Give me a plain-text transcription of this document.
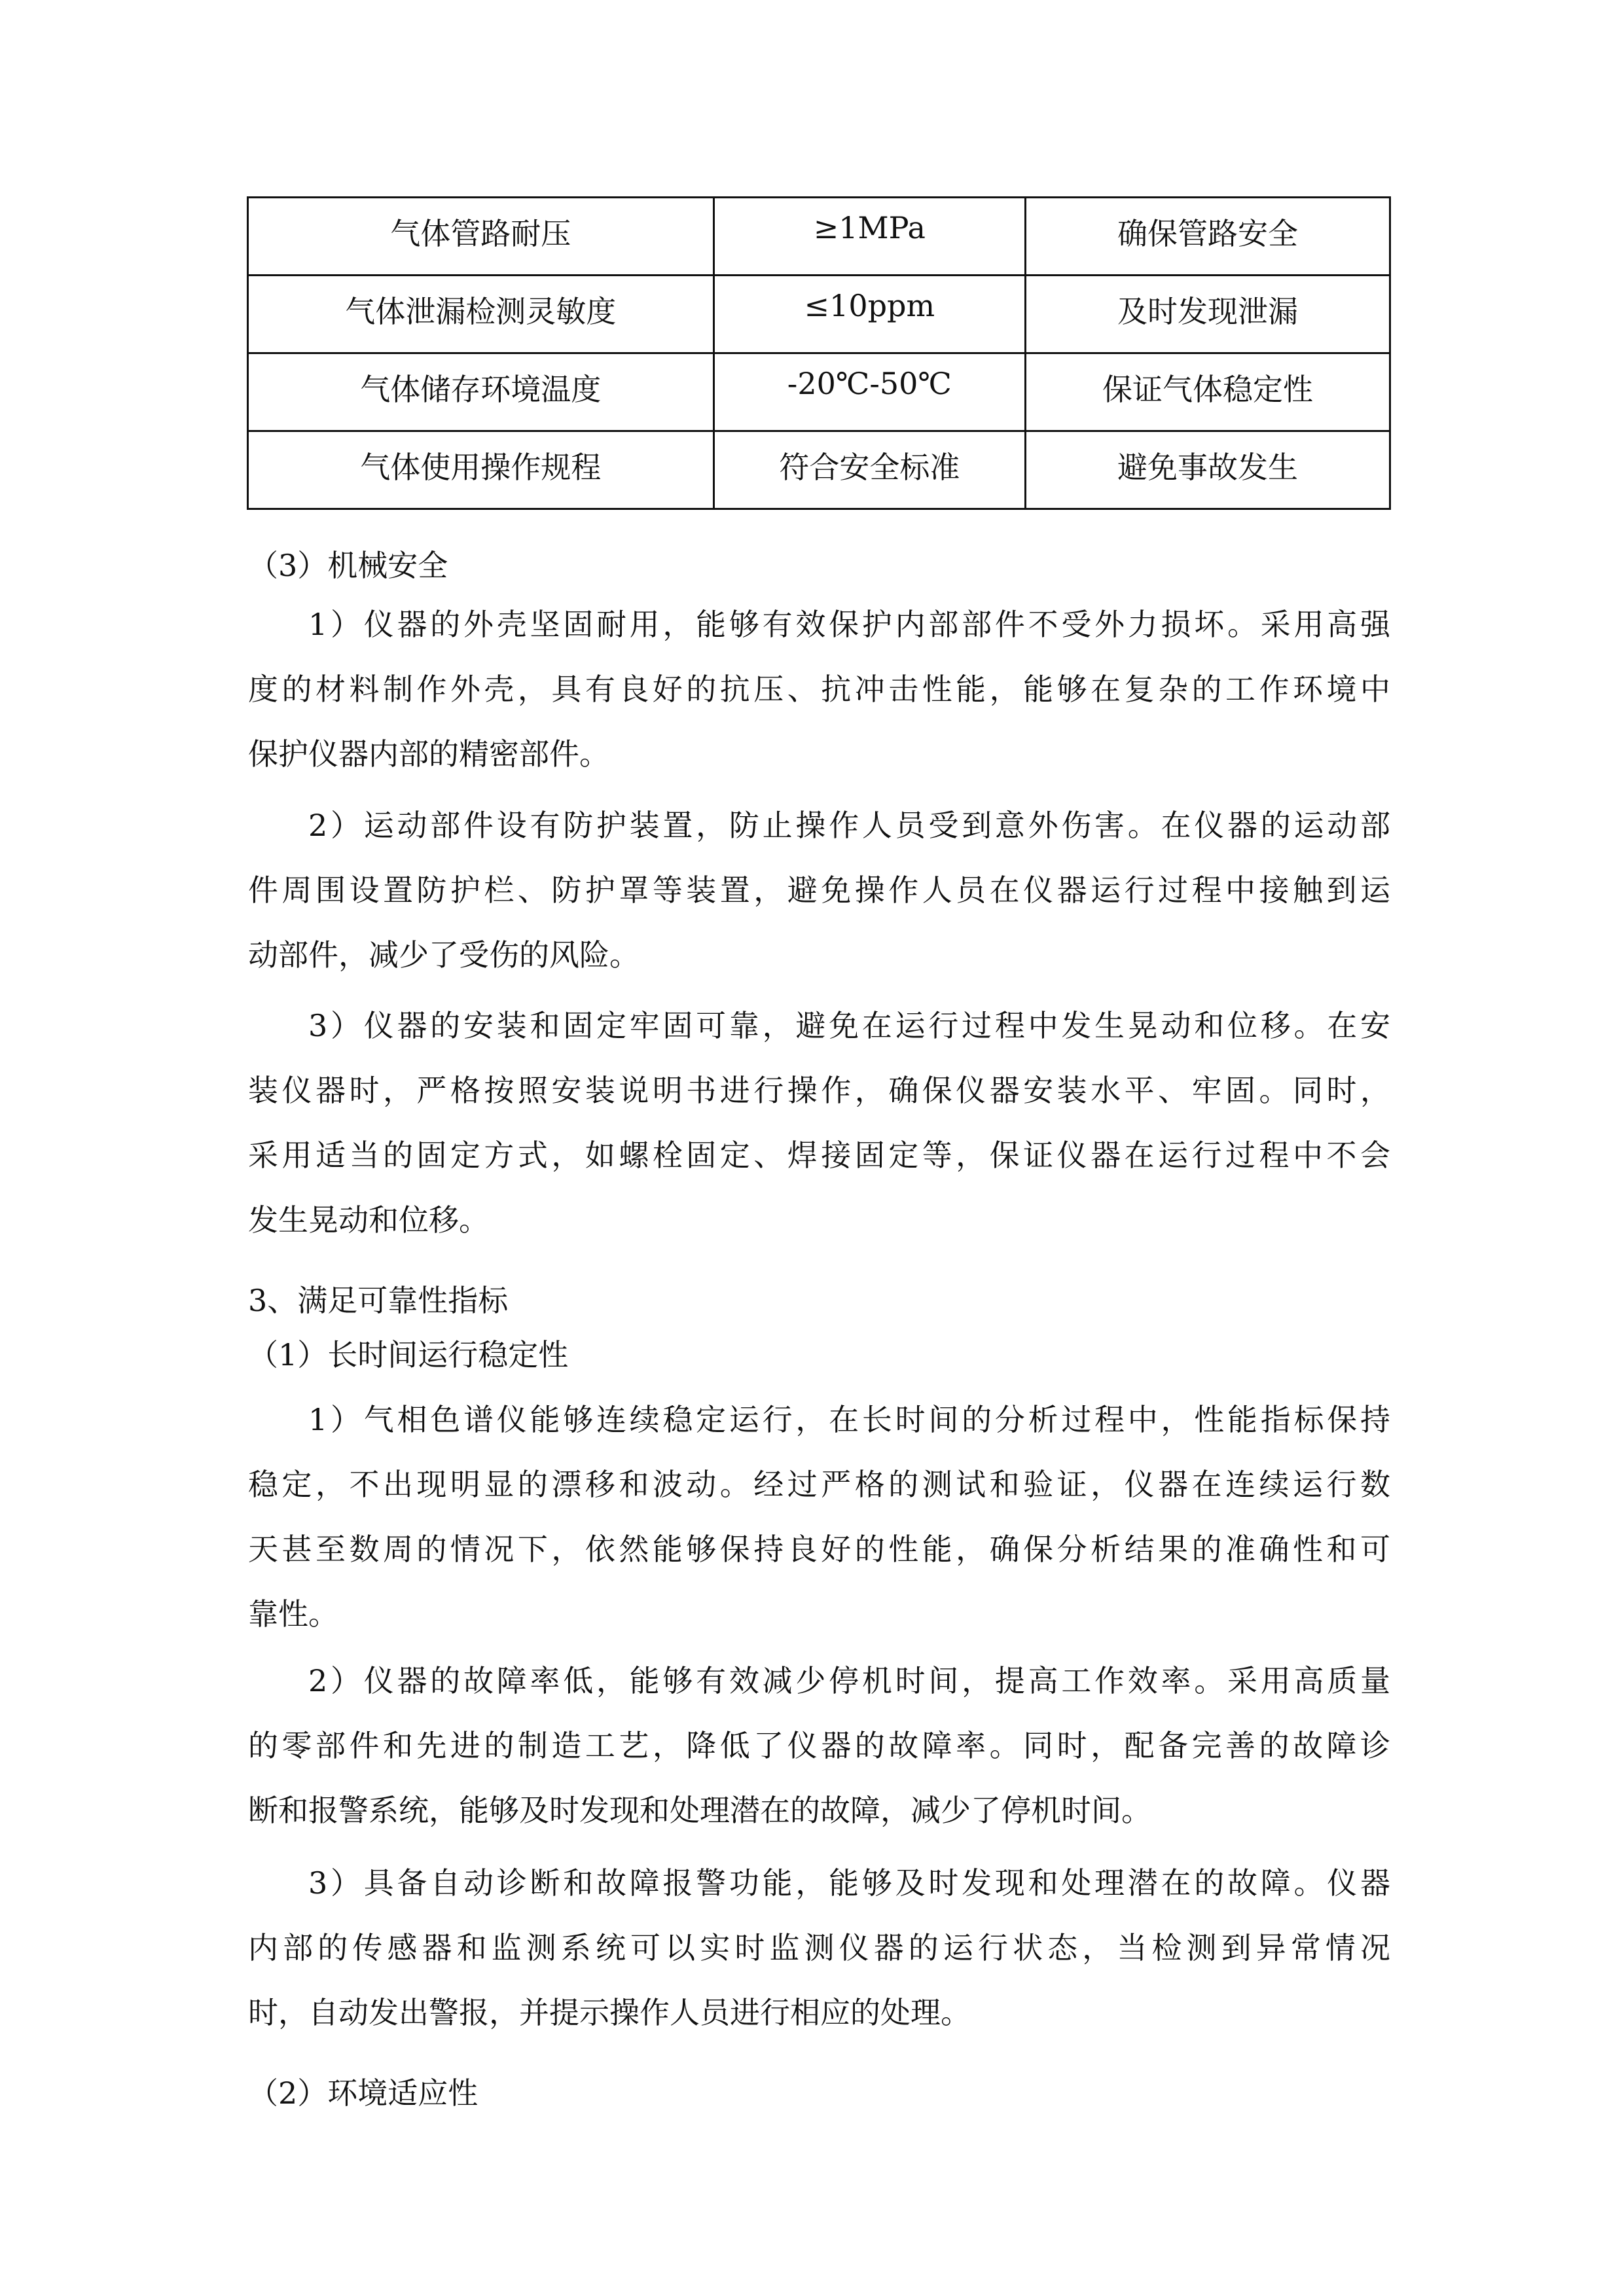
气体管路耐压	≥1MPa	确保管路安全
气体泄漏检测灵敏度	≤10ppm	及时发现泄漏
气体储存环境温度	-20℃-50℃	保证气体稳定性
气体使用操作规程	符合安全标准	避免事故发生
（3）机械安全
1）仪器的外壳坚固耐用，能够有效保护内部部件不受外力损坏。采用高强
度的材料制作外壳，具有良好的抗压、抗冲击性能，能够在复杂的工作环境中
保护仪器内部的精密部件。
2）运动部件设有防护装置，防止操作人员受到意外伤害。在仪器的运动部
件周围设置防护栏、防护罩等装置，避免操作人员在仪器运行过程中接触到运
动部件，减少了受伤的风险。
3）仪器的安装和固定牢固可靠，避免在运行过程中发生晃动和位移。在安
装仪器时，严格按照安装说明书进行操作，确保仪器安装水平、牢固。同时，
采用适当的固定方式，如螺栓固定、焊接固定等，保证仪器在运行过程中不会
发生晃动和位移。
3、满足可靠性指标
（1）长时间运行稳定性
1）气相色谱仪能够连续稳定运行，在长时间的分析过程中，性能指标保持
稳定，不出现明显的漂移和波动。经过严格的测试和验证，仪器在连续运行数
天甚至数周的情况下，依然能够保持良好的性能，确保分析结果的准确性和可
靠性。
2）仪器的故障率低，能够有效减少停机时间，提高工作效率。采用高质量
的零部件和先进的制造工艺，降低了仪器的故障率。同时，配备完善的故障诊
断和报警系统，能够及时发现和处理潜在的故障，减少了停机时间。
3）具备自动诊断和故障报警功能，能够及时发现和处理潜在的故障。仪器
内部的传感器和监测系统可以实时监测仪器的运行状态，当检测到异常情况
时，自动发出警报，并提示操作人员进行相应的处理。
（2）环境适应性
